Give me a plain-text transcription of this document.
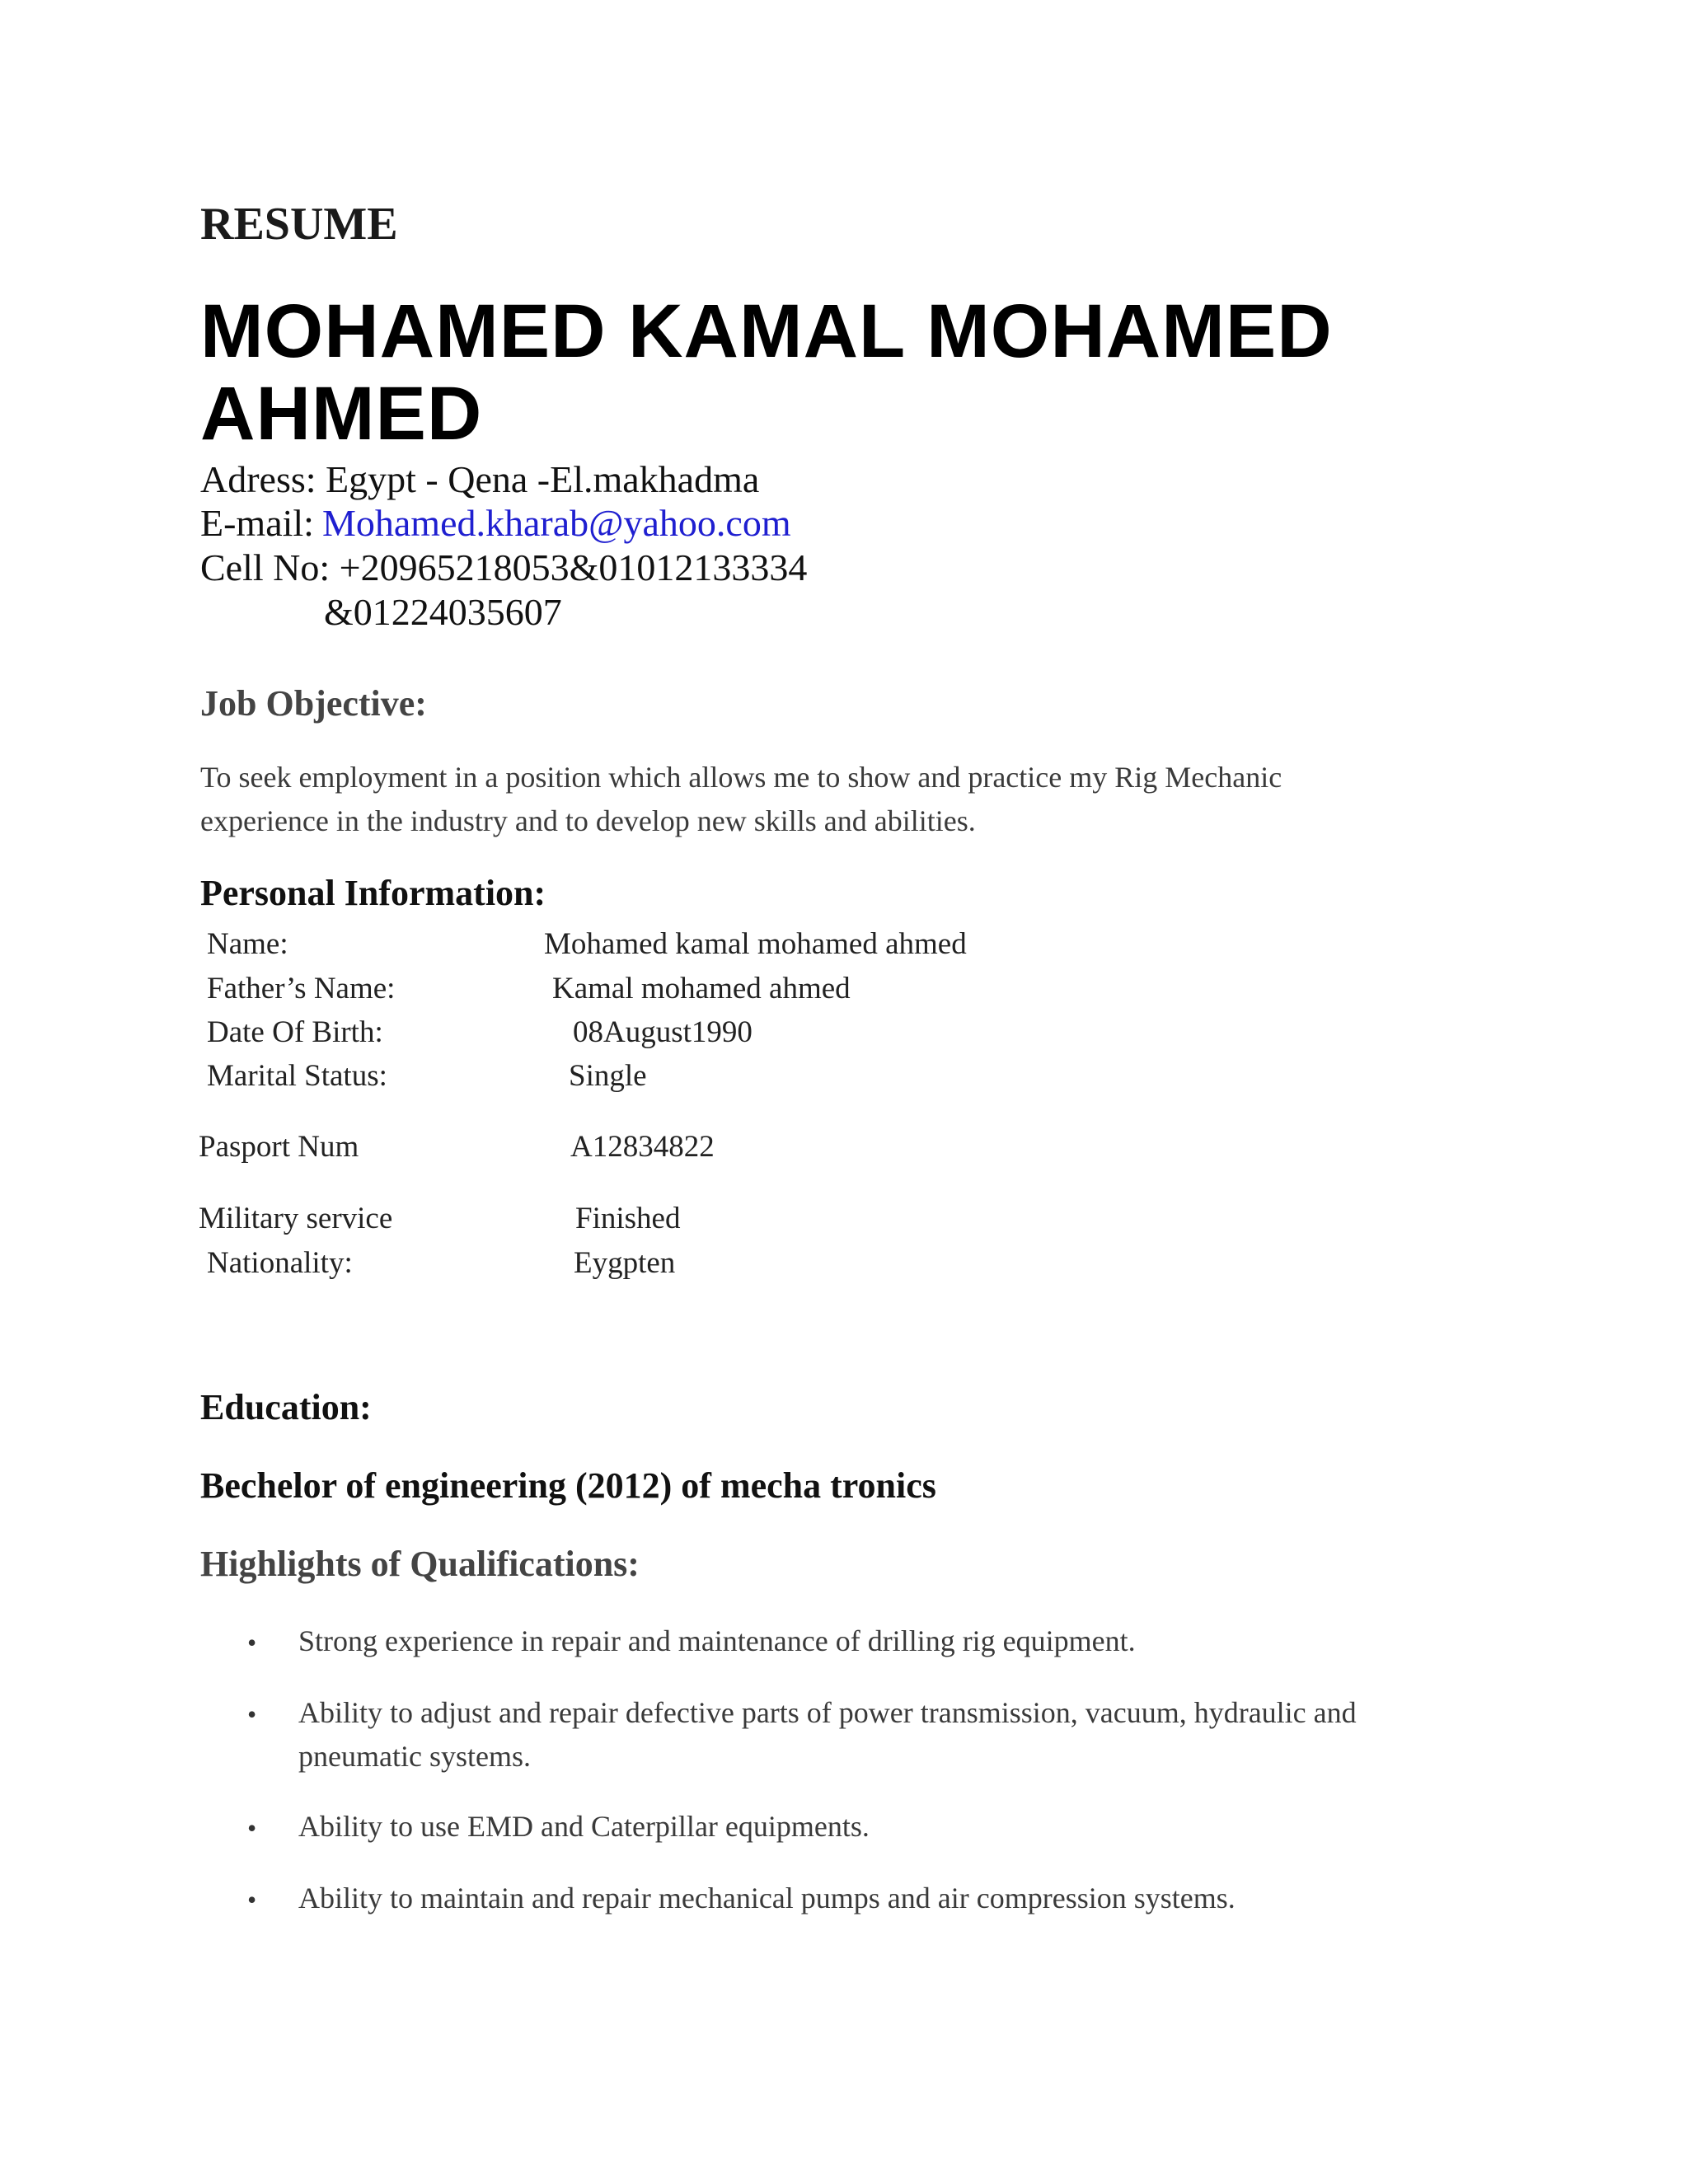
RESUME
MOHAMED KAMAL MOHAMED
AHMED
Adress: Egypt - Qena -El.makhadma
E-mail: Mohamed.kharab@yahoo.com
Cell No: +20965218053&01012133334
&01224035607
Job Objective:
To seek employment in a position which allows me to show and practice my Rig Mechanic
experience in the industry and to develop new skills and abilities.
Personal Information:
Name:	Mohamed kamal mohamed ahmed
Father’s Name:	Kamal mohamed ahmed
Date Of Birth:	08August1990
Marital Status:	Single
Pasport Num	A12834822
Military service	Finished
Nationality:	Eygpten
Education:
Bechelor of engineering (2012) of mecha tronics
Highlights of Qualifications:
• Strong experience in repair and maintenance of drilling rig equipment.
• Ability to adjust and repair defective parts of power transmission, vacuum, hydraulic and
pneumatic systems.
• Ability to use EMD and Caterpillar equipments.
• Ability to maintain and repair mechanical pumps and air compression systems.
